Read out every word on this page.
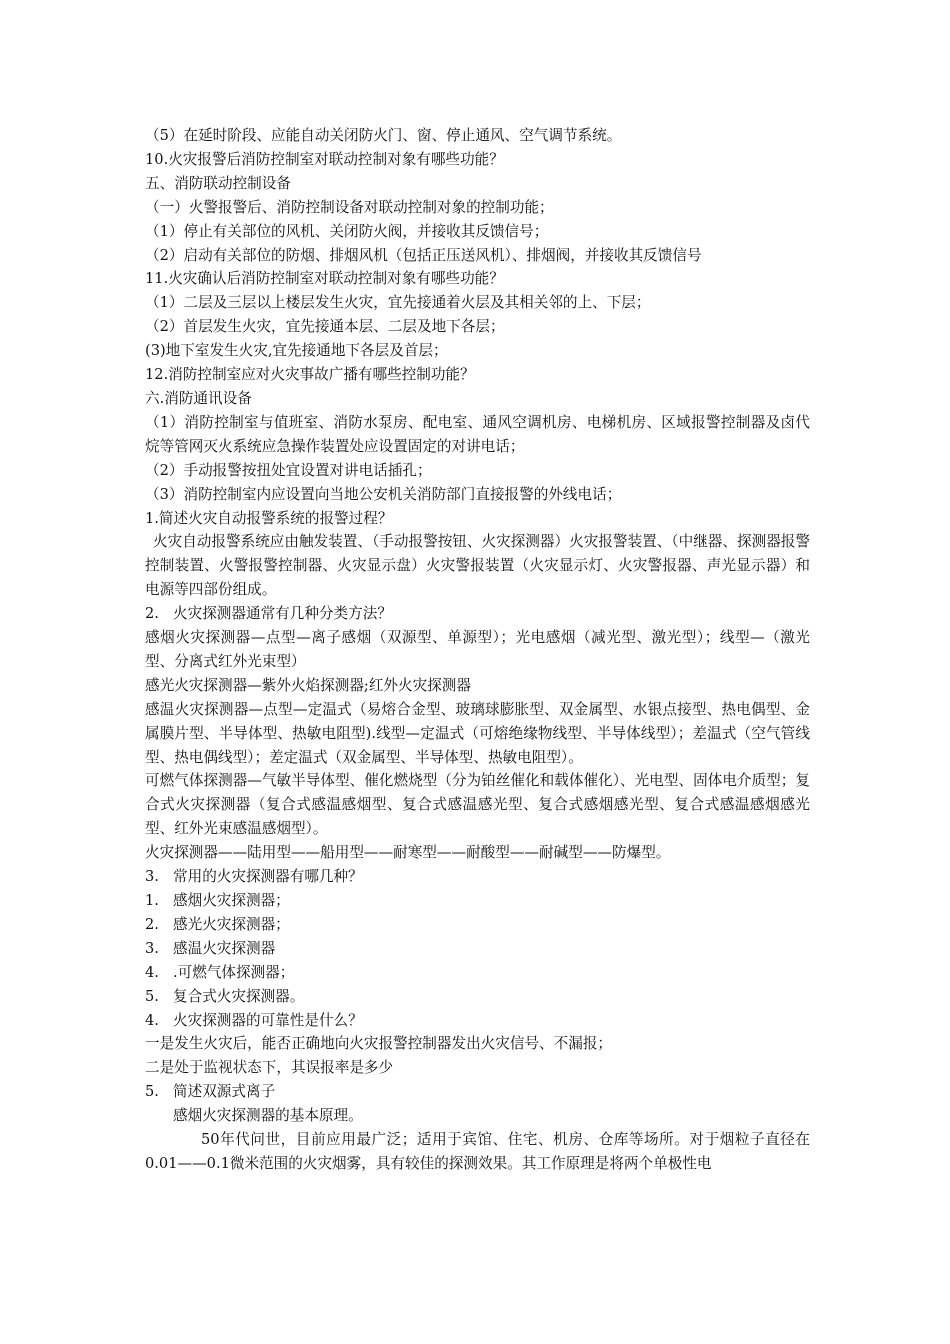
（5）在延时阶段、应能自动关闭防火门、窗、停止通风、空气调节系统。

10.火灾报警后消防控制室对联动控制对象有哪些功能？

五、消防联动控制设备

（一）火警报警后、消防控制设备对联动控制对象的控制功能；

（1）停止有关部位的风机、关闭防火阀，并接收其反馈信号；

（2）启动有关部位的防烟、排烟风机（包括正压送风机）、排烟阀，并接收其反馈信号

11.火灾确认后消防控制室对联动控制对象有哪些功能？

（1）二层及三层以上楼层发生火灾，宜先接通着火层及其相关邻的上、下层；

（2）首层发生火灾，宜先接通本层、二层及地下各层；

(3)地下室发生火灾,宜先接通地下各层及首层；

12.消防控制室应对火灾事故广播有哪些控制功能？

六.消防通讯设备

（1）消防控制室与值班室、消防水泵房、配电室、通风空调机房、电梯机房、区域报警控制器及卤代烷等管网灭火系统应急操作装置处应设置固定的对讲电话；

（2）手动报警按扭处宜设置对讲电话插孔；

（3）消防控制室内应设置向当地公安机关消防部门直接报警的外线电话；

1.简述火灾自动报警系统的报警过程？

火灾自动报警系统应由触发装置、（手动报警按钮、火灾探测器）火灾报警装置、（中继器、探测器报警控制装置、火警报警控制器、火灾显示盘）火灾警报装置（火灾显示灯、火灾警报器、声光显示器）和电源等四部份组成。

2. 火灾探测器通常有几种分类方法？

感烟火灾探测器—点型—离子感烟（双源型、单源型）；光电感烟（减光型、激光型）；线型—（激光型、分离式红外光束型）

感光火灾探测器—紫外火焰探测器;红外火灾探测器

感温火灾探测器—点型—定温式（易熔合金型、玻璃球膨胀型、双金属型、水银点接型、热电偶型、金属膜片型、半导体型、热敏电阻型).线型—定温式（可熔绝缘物线型、半导体线型）；差温式（空气管线型、热电偶线型）；差定温式（双金属型、半导体型、热敏电阻型）。

可燃气体探测器—气敏半导体型、催化燃烧型（分为铂丝催化和载体催化）、光电型、固体电介质型；复合式火灾探测器（复合式感温感烟型、复合式感温感光型、复合式感烟感光型、复合式感温感烟感光型、红外光束感温感烟型）。

火灾探测器——陆用型——船用型——耐寒型——耐酸型——耐碱型——防爆型。

3. 常用的火灾探测器有哪几种？

1. 感烟火灾探测器；

2. 感光火灾探测器；

3. 感温火灾探测器

4. .可燃气体探测器；

5. 复合式火灾探测器。

4. 火灾探测器的可靠性是什么？

一是发生火灾后，能否正确地向火灾报警控制器发出火灾信号、不漏报；

二是处于监视状态下，其误报率是多少

5. 简述双源式离子

感烟火灾探测器的基本原理。

50年代问世，目前应用最广泛；适用于宾馆、住宅、机房、仓库等场所。对于烟粒子直径在0.01——0.1微米范围的火灾烟雾，具有较佳的探测效果。其工作原理是将两个单极性电
